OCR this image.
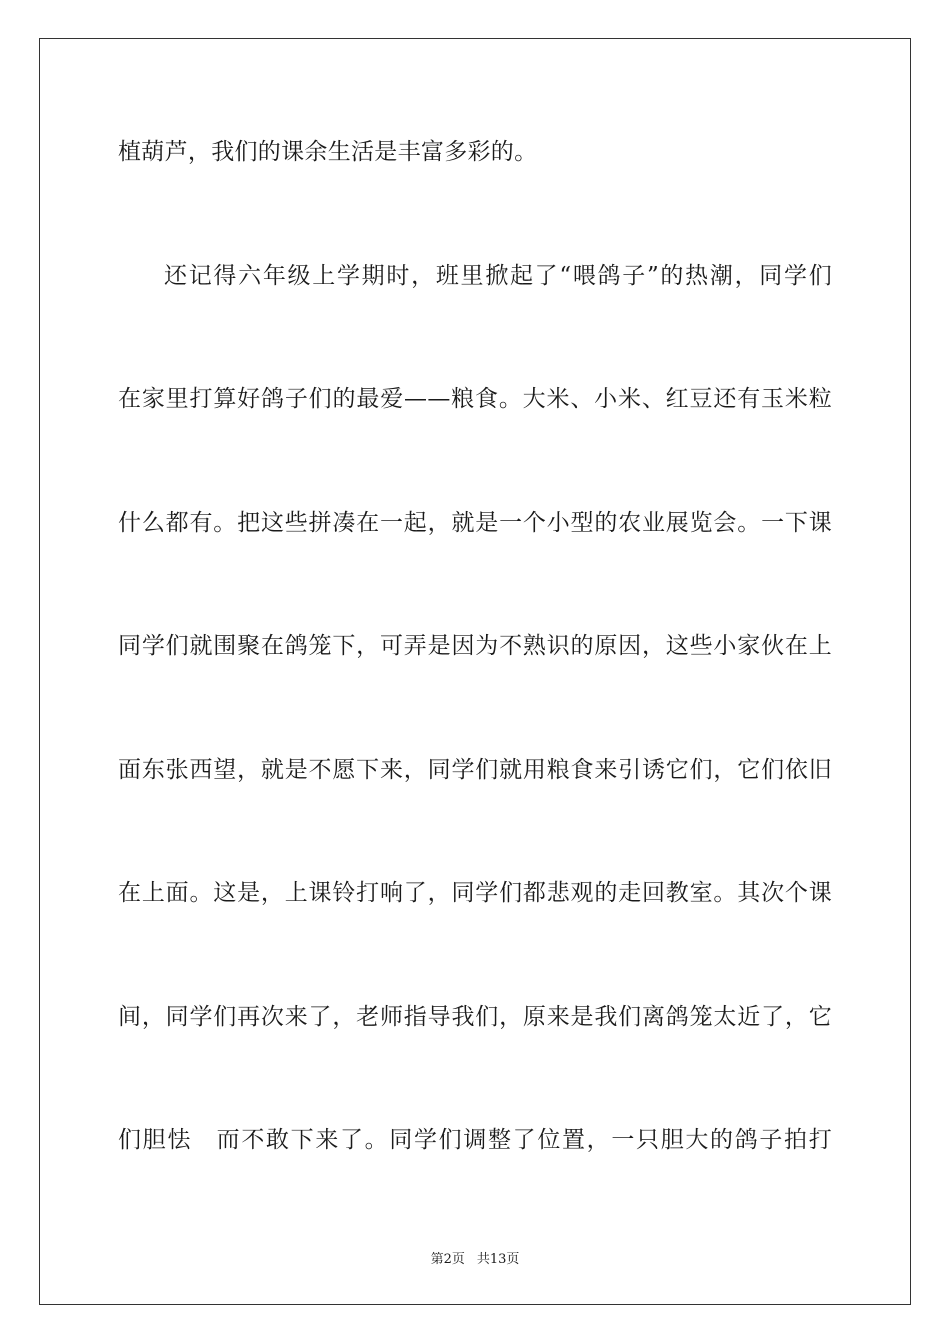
植葫芦，我们的课余生活是丰富多彩的。
还记得六年级上学期时，班里掀起了“喂鸽子”的热潮，同学们
在家里打算好鸽子们的最爱——粮食。大米、小米、红豆还有玉米粒
什么都有。把这些拼凑在一起，就是一个小型的农业展览会。一下课
同学们就围聚在鸽笼下，可弄是因为不熟识的原因，这些小家伙在上
面东张西望，就是不愿下来，同学们就用粮食来引诱它们，它们依旧
在上面。这是，上课铃打响了，同学们都悲观的走回教室。其次个课
间，同学们再次来了，老师指导我们，原来是我们离鸽笼太近了，它
们胆怯　而不敢下来了。同学们调整了位置，一只胆大的鸽子拍打
第2页 共13页
